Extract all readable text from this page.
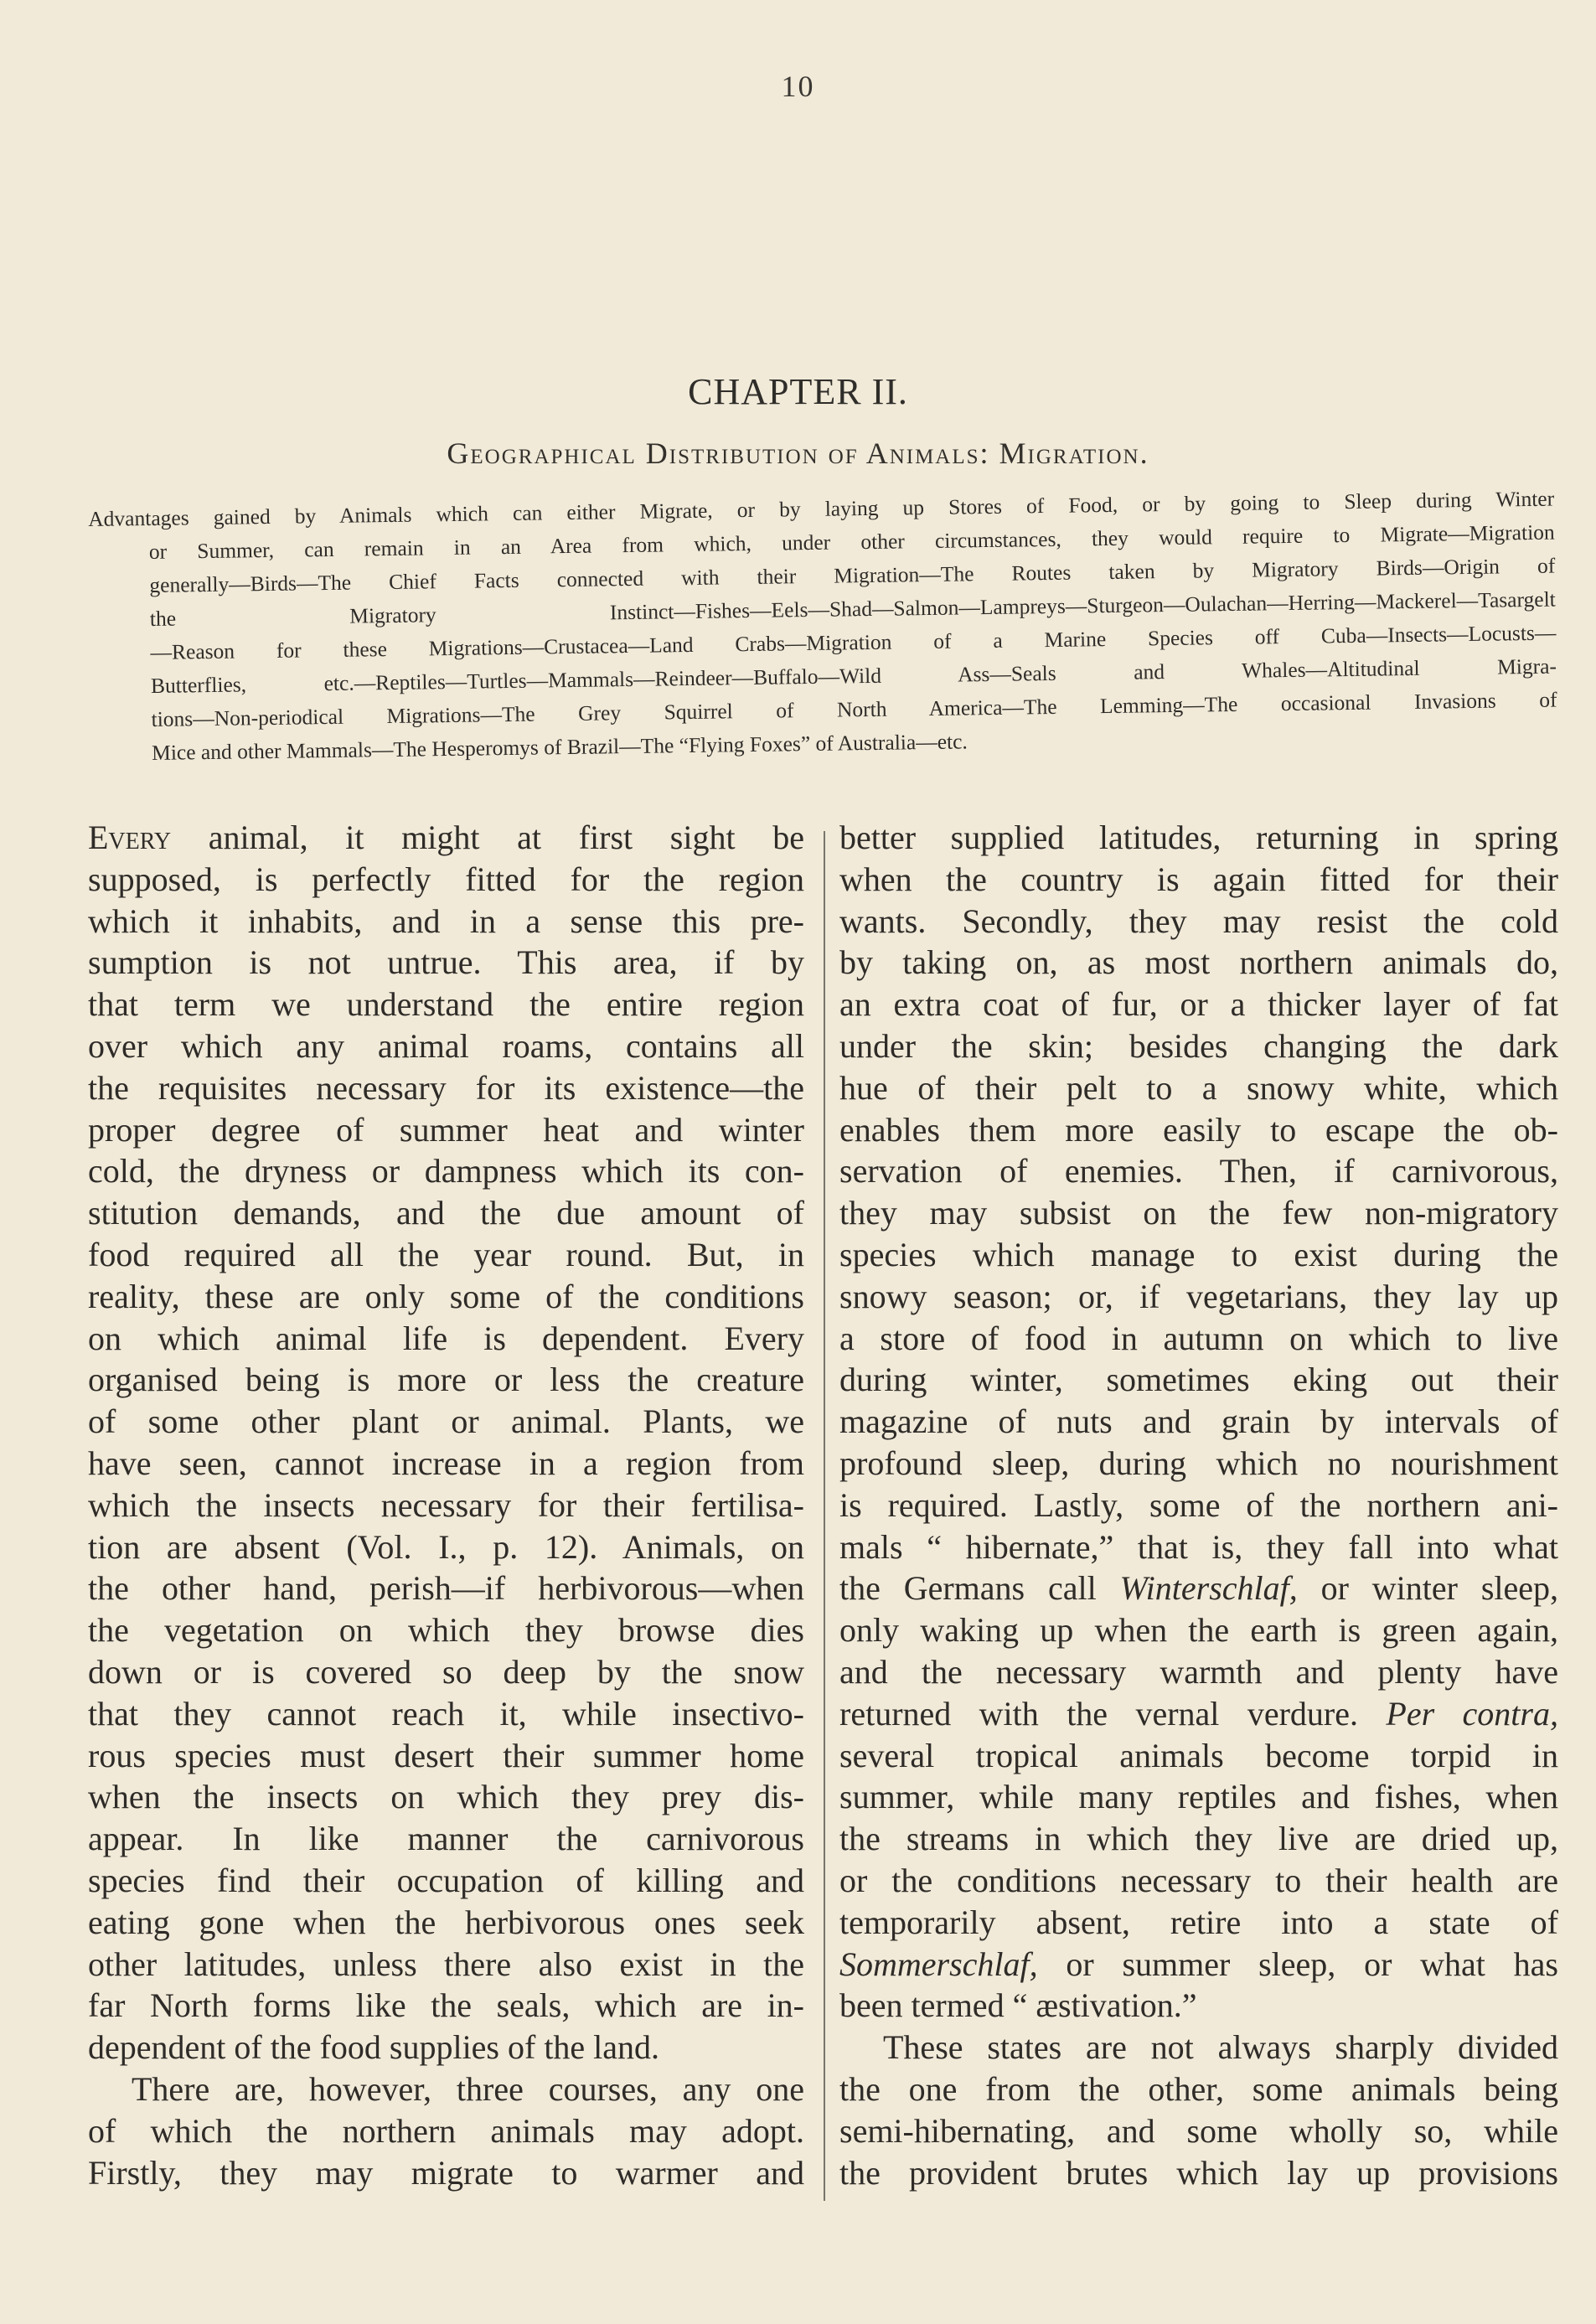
10
CHAPTER II.
Geographical Distribution of Animals: Migration.
Advantages gained by Animals which can either Migrate, or by laying up Stores of Food, or by going to Sleep during Winter
or Summer, can remain in an Area from which, under other circumstances, they would require to Migrate—Migration
generally—Birds—The Chief Facts connected with their Migration—The Routes taken by Migratory Birds—Origin of
the Migratory Instinct—Fishes—Eels—Shad—Salmon—Lampreys—Sturgeon—Oulachan—Herring—Mackerel—Tasargelt
—Reason for these Migrations—Crustacea—Land Crabs—Migration of a Marine Species off Cuba—Insects—Locusts—
Butterflies, etc.—Reptiles—Turtles—Mammals—Reindeer—Buffalo—Wild Ass—Seals and Whales—Altitudinal Migra-
tions—Non-periodical Migrations—The Grey Squirrel of North America—The Lemming—The occasional Invasions of
Mice and other Mammals—The Hesperomys of Brazil—The “Flying Foxes” of Australia—etc.
Every animal, it might at first sight be
supposed, is perfectly fitted for the region
which it inhabits, and in a sense this pre-
sumption is not untrue. This area, if by
that term we understand the entire region
over which any animal roams, contains all
the requisites necessary for its existence—the
proper degree of summer heat and winter
cold, the dryness or dampness which its con-
stitution demands, and the due amount of
food required all the year round. But, in
reality, these are only some of the conditions
on which animal life is dependent. Every
organised being is more or less the creature
of some other plant or animal. Plants, we
have seen, cannot increase in a region from
which the insects necessary for their fertilisa-
tion are absent (Vol. I., p. 12). Animals, on
the other hand, perish—if herbivorous—when
the vegetation on which they browse dies
down or is covered so deep by the snow
that they cannot reach it, while insectivo-
rous species must desert their summer home
when the insects on which they prey dis-
appear. In like manner the carnivorous
species find their occupation of killing and
eating gone when the herbivorous ones seek
other latitudes, unless there also exist in the
far North forms like the seals, which are in-
dependent of the food supplies of the land.
There are, however, three courses, any one
of which the northern animals may adopt.
Firstly, they may migrate to warmer and
better supplied latitudes, returning in spring
when the country is again fitted for their
wants. Secondly, they may resist the cold
by taking on, as most northern animals do,
an extra coat of fur, or a thicker layer of fat
under the skin; besides changing the dark
hue of their pelt to a snowy white, which
enables them more easily to escape the ob-
servation of enemies. Then, if carnivorous,
they may subsist on the few non-migratory
species which manage to exist during the
snowy season; or, if vegetarians, they lay up
a store of food in autumn on which to live
during winter, sometimes eking out their
magazine of nuts and grain by intervals of
profound sleep, during which no nourishment
is required. Lastly, some of the northern ani-
mals “ hibernate,” that is, they fall into what
the Germans call Winterschlaf, or winter sleep,
only waking up when the earth is green again,
and the necessary warmth and plenty have
returned with the vernal verdure. Per contra,
several tropical animals become torpid in
summer, while many reptiles and fishes, when
the streams in which they live are dried up,
or the conditions necessary to their health are
temporarily absent, retire into a state of
Sommerschlaf, or summer sleep, or what has
been termed “ æstivation.”
These states are not always sharply divided
the one from the other, some animals being
semi-hibernating, and some wholly so, while
the provident brutes which lay up provisions
